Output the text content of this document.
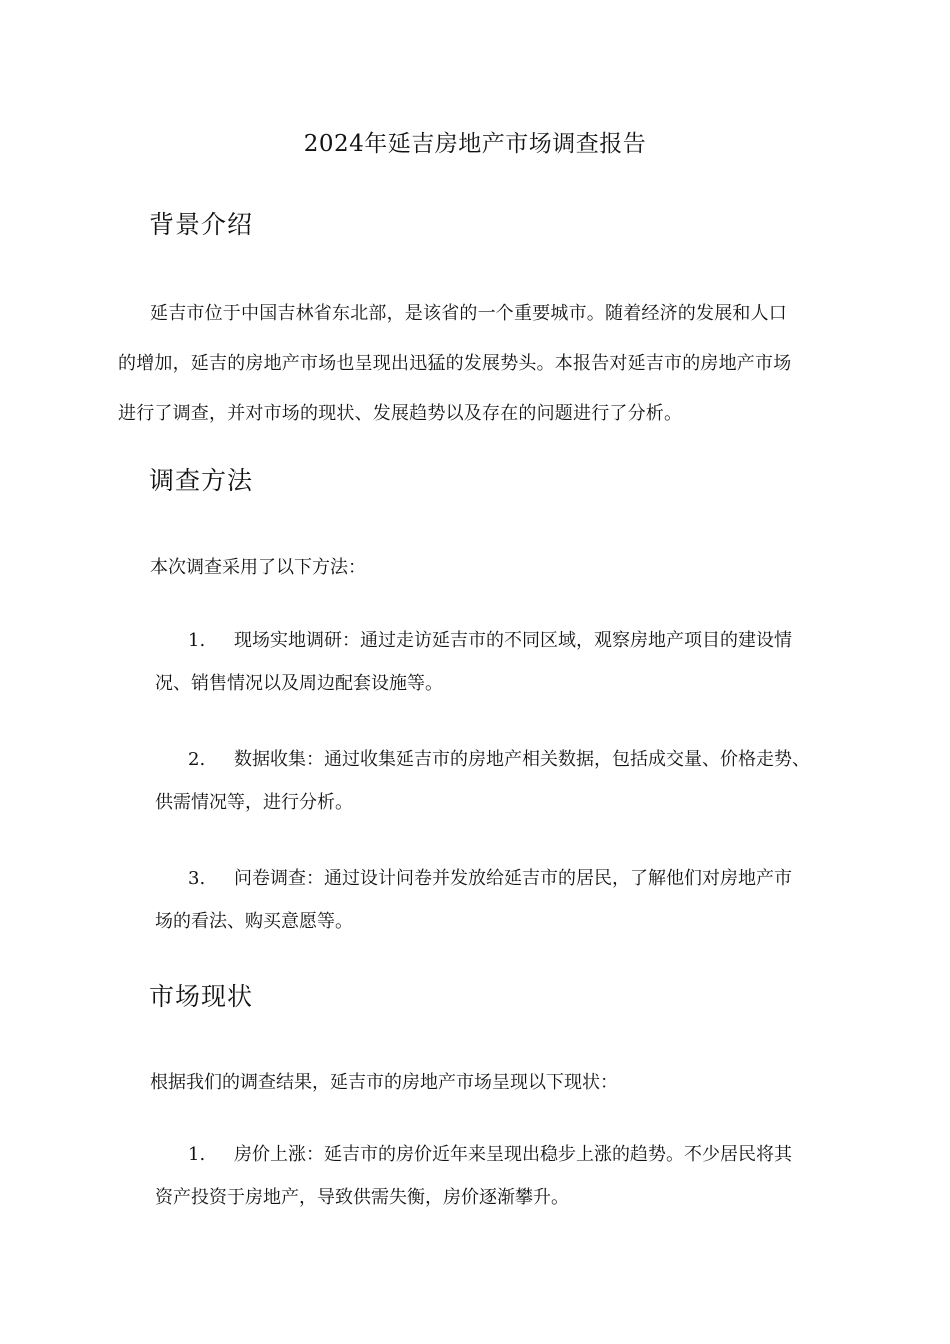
2024年延吉房地产市场调查报告
背景介绍
延吉市位于中国吉林省东北部，是该省的一个重要城市。随着经济的发展和人口
的增加，延吉的房地产市场也呈现出迅猛的发展势头。本报告对延吉市的房地产市场
进行了调查，并对市场的现状、发展趋势以及存在的问题进行了分析。
调查方法
本次调查采用了以下方法：
1. 现场实地调研：通过走访延吉市的不同区域，观察房地产项目的建设情
况、销售情况以及周边配套设施等。
2. 数据收集：通过收集延吉市的房地产相关数据，包括成交量、价格走势、
供需情况等，进行分析。
3. 问卷调查：通过设计问卷并发放给延吉市的居民，了解他们对房地产市
场的看法、购买意愿等。
市场现状
根据我们的调查结果，延吉市的房地产市场呈现以下现状：
1. 房价上涨：延吉市的房价近年来呈现出稳步上涨的趋势。不少居民将其
资产投资于房地产，导致供需失衡，房价逐渐攀升。
